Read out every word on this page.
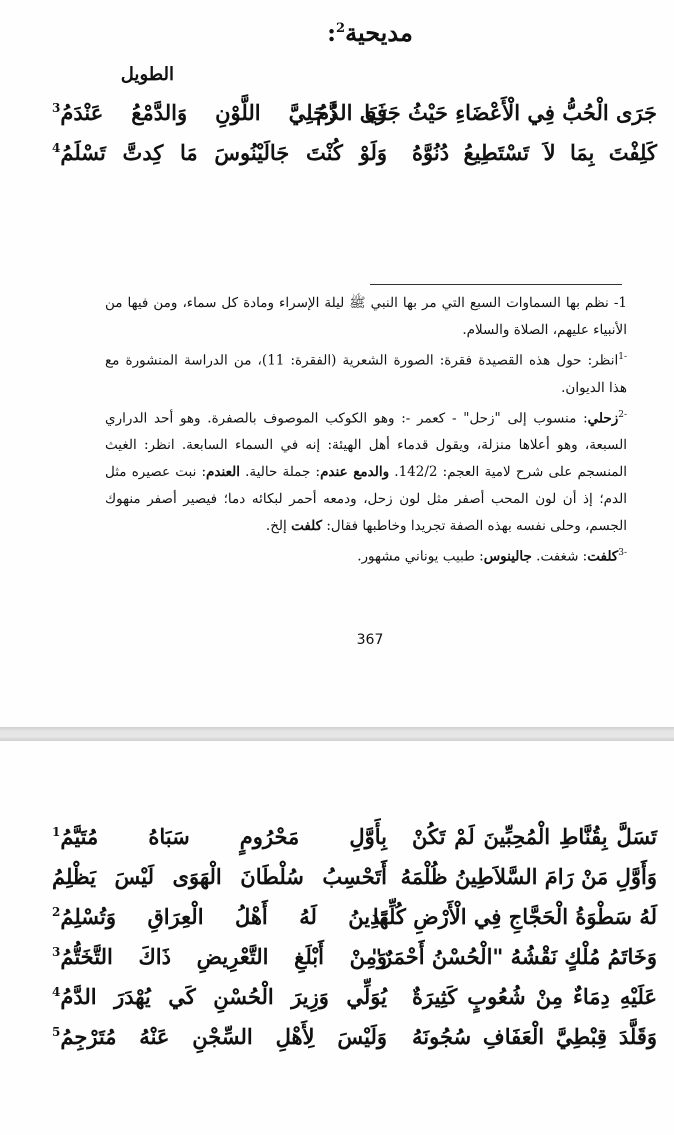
مديحية$^2$:
الطويل
جَرَى الْحُبُّ فِي الْأَعْضَاءِ حَيْثُ جَرَى الدَّمُ
فَيَا زُحَلِيَّ اللَّوْنِ وَالدَّمْعُ عَنْدَمُ$^3$
كَلِفْتَ بِمَا لاَ تَسْتَطِيعُ دُنُوَّهُ
وَلَوْ كُنْتَ جَالَيْنُوسَ مَا كِدتَّ تَسْلَمُ$^4$

1- نظم بها السماوات السبع التي مر بها النبي ﷺ ليلة الإسراء ومادة كل سماء، ومن فيها من الأنبياء عليهم، الصلاة والسلام.

$^{-1}$انظر: حول هذه القصيدة فقرة: الصورة الشعرية (الفقرة: 11)، من الدراسة المنشورة مع هذا الديوان.

$^{-2}$زحلي: منسوب إلى "زحل" - كعمر -: وهو الكوكب الموصوف بالصفرة. وهو أحد الدراري السبعة، وهو أعلاها منزلة، ويقول قدماء أهل الهيئة: إنه في السماء السابعة. انظر: الغيث المنسجم على شرح لامية العجم: 142/2. والدمع عندم: جملة حالية. العندم: نبت عصيره مثل الدم؛ إذ أن لون المحب أصفر مثل لون زحل، ودمعه أحمر لبكائه دما؛ فيصير أصفر منهوك الجسم، وحلى نفسه بهذه الصفة تجريدا وخاطبها فقال: كلفت إلخ.

$^{-3}$كلفت: شغفت. جالينوس: طبيب يوناني مشهور.

367
تَسَلَّ بِقُنَّاطِ الْمُحِبِّينَ لَمْ تَكُنْ
بِأَوَّلِ مَحْرُومٍ سَبَاهُ مُتَيَّمُ$^1$
وَأَوَّلِ مَنْ رَامَ السَّلاَطِينُ ظُلْمَهُ
أَتَحْسِبُ سُلْطَانَ الْهَوَى لَيْسَ يَظْلِمُ
لَهُ سَطْوَةُ الْحَجَّاجِ فِي الْأَرْضِ كُلِّهَا
تَدِينُ لَهُ أَهْلُ الْعِرَاقِ وَتُسْلِمُ$^2$
وَخَاتَمُ مُلْكٍ نَقْشُهُ "الْحُسْنُ أَحْمَرٌ"
وَمِنْ أَبْلَغِ التَّعْرِيضِ ذَاكَ التَّخَتُّمُ$^3$
عَلَيْهِ دِمَاءٌ مِنْ شُعُوبٍ كَثِيرَةٌ
يُوَلِّي وَزِيرَ الْحُسْنِ كَي يُهْدَرَ الدَّمُ$^4$
وَقَلَّدَ قِبْطِيَّ الْعَفَافِ سُجُونَهُ
وَلَيْسَ لِأَهْلِ السِّجْنِ عَنْهُ مُتَرْجِمُ$^5$
